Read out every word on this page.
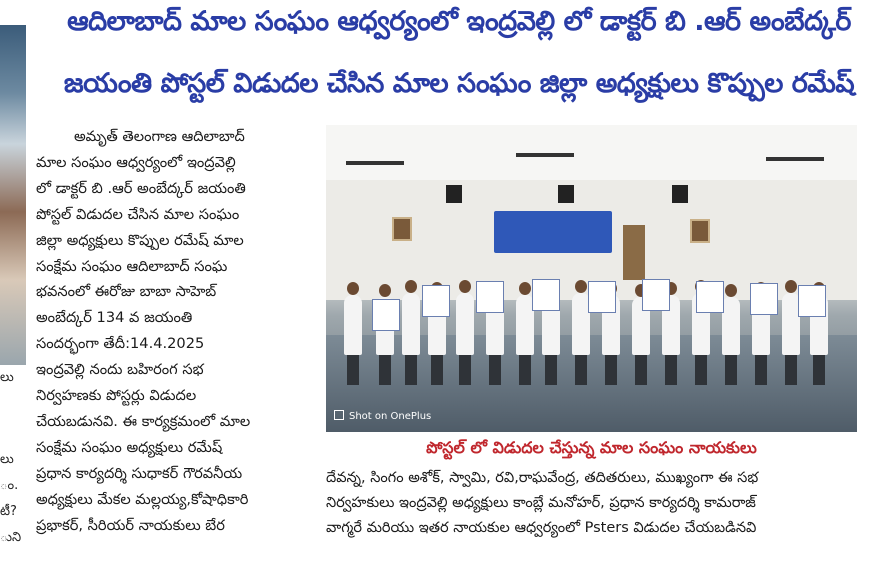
లు
లు
ం.
టీ?
ుని
ఆదిలాబాద్ మాల సంఘం ఆధ్వర్యంలో ఇంద్రవెల్లి లో డాక్టర్ బి .ఆర్ అంబేద్కర్
జయంతి పోస్టల్ విడుదల చేసిన మాల సంఘం జిల్లా అధ్యక్షులు కొప్పుల రమేష్
అమృత్ తెలంగాణ ఆదిలాబాద్
మాల సంఘం ఆధ్వర్యంలో ఇంద్రవెల్లి
లో డాక్టర్ బి .ఆర్ అంబేద్కర్ జయంతి
పోస్టల్ విడుదల చేసిన మాల సంఘం
జిల్లా అధ్యక్షులు కొప్పుల రమేష్ మాల
సంక్షేమ సంఘం ఆదిలాబాద్ సంఘ
భవనంలో ఈరోజు బాబా సాహెబ్
అంబేద్కర్ 134 వ జయంతి
సందర్భంగా తేదీ:14.4.2025
ఇంద్రవెల్లి నందు బహిరంగ సభ
నిర్వహణకు పోస్టర్లు విడుదల
చేయబడునవి. ఈ కార్యక్రమంలో మాల
సంక్షేమ సంఘం అధ్యక్షులు రమేష్
ప్రధాన కార్యదర్శి సుధాకర్ గౌరవనీయ
అధ్యక్షులు మేకల మల్లయ్య,కోషాధికారి
ప్రభాకర్, సీరియర్ నాయకులు బేర
Shot on OnePlus
పోస్టల్ లో విడుదల చేస్తున్న మాల సంఘం నాయకులు
దేవన్న, సింగం అశోక్, స్వామి, రవి,రాఘవేంద్ర, తదితరులు, ముఖ్యంగా ఈ సభ
నిర్వహకులు ఇంద్రవెల్లి అధ్యక్షులు కాంబ్లే మనోహర్, ప్రధాన కార్యదర్శి కామరాజ్
వాగ్మరే మరియు ఇతర నాయకుల ఆధ్వర్యంలో Psters విడుదల చేయబడినవి
